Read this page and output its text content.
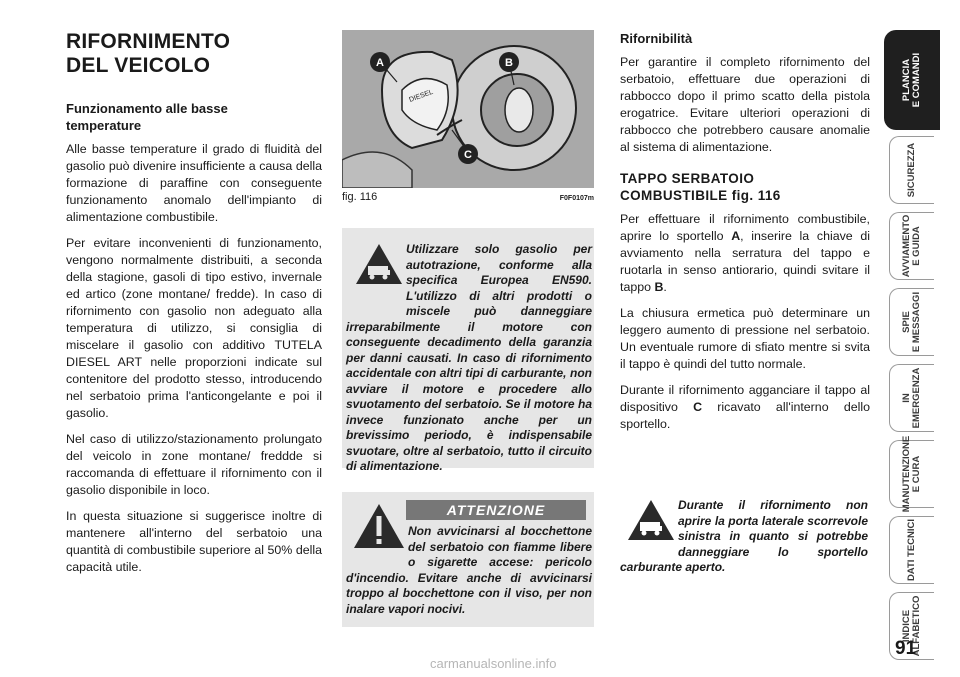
RIFORNIMENTO
DEL VEICOLO
Funzionamento alle basse
temperature

Alle basse temperature il grado di fluidità del gasolio può divenire insufficiente a causa della formazione di paraffine con conseguente funzionamento anomalo dell'impianto di alimentazione combustibile.

Per evitare inconvenienti di funzionamento, vengono normalmente distribuiti, a seconda della stagione, gasoli di tipo estivo, invernale ed artico (zone montane/ fredde). In caso di rifornimento con gasolio non adeguato alla temperatura di utilizzo, si consiglia di miscelare il gasolio con additivo TUTELA DIESEL ART nelle proporzioni indicate sul contenitore del prodotto stesso, introducendo nel serbatoio prima l'anticongelante e poi il gasolio.

Nel caso di utilizzo/stazionamento prolungato del veicolo in zone montane/ freddde si raccomanda di effettuare il rifornimento con il gasolio disponibile in loco.

In questa situazione si suggerisce inoltre di mantenere all'interno del serbatoio una quantità di combustibile superiore al 50% della capacità utile.

DIESEL
A	B
C
fig. 116	F0F0107m
Utilizzare solo gasolio per autotrazione, conforme alla specifica Europea EN590. L'utilizzo di altri prodotti o miscele può danneggiare irreparabilmente il motore con conseguente decadimento della garanzia per danni causati. In caso di rifornimento accidentale con altri tipi di carburante, non avviare il motore e procedere allo svuotamento del serbatoio. Se il motore ha invece funzionato anche per un brevissimo periodo, è indispensabile svuotare, oltre al serbatoio, tutto il circuito di alimentazione.
ATTENZIONE
Non avvicinarsi al bocchettone del serbatoio con fiamme libere o sigarette accese: pericolo d'incendio. Evitare anche di avvicinarsi troppo al bocchettone con il viso, per non inalare vapori nocivi.
Rifornibilità

Per garantire il completo rifornimento del serbatoio, effettuare due operazioni di rabbocco dopo il primo scatto della pistola erogatrice. Evitare ulteriori operazioni di rabbocco che potrebbero causare anomalie al sistema di alimentazione.

TAPPO SERBATOIO
COMBUSTIBILE fig. 116

Per effettuare il rifornimento combustibile, aprire lo sportello A, inserire la chiave di avviamento nella serratura del tappo e ruotarla in senso antiorario, quindi svitare il tappo B.

La chiusura ermetica può determinare un leggero aumento di pressione nel serbatoio. Un eventuale rumore di sfiato mentre si svita il tappo è quindi del tutto normale.

Durante il rifornimento agganciare il tappo al dispositivo C ricavato all'interno dello sportello.

Durante il rifornimento non aprire la porta laterale scorrevole sinistra in quanto si potrebbe danneggiare lo sportello carburante aperto.
PLANCIA
E COMANDI
SICUREZZA
AVVIAMENTO
E GUIDA
SPIE
E MESSAGGI
IN
EMERGENZA
MANUTENZIONE
E CURA
DATI TECNICI
INDICE
ALFABETICO
91
carmanualsonline.info
